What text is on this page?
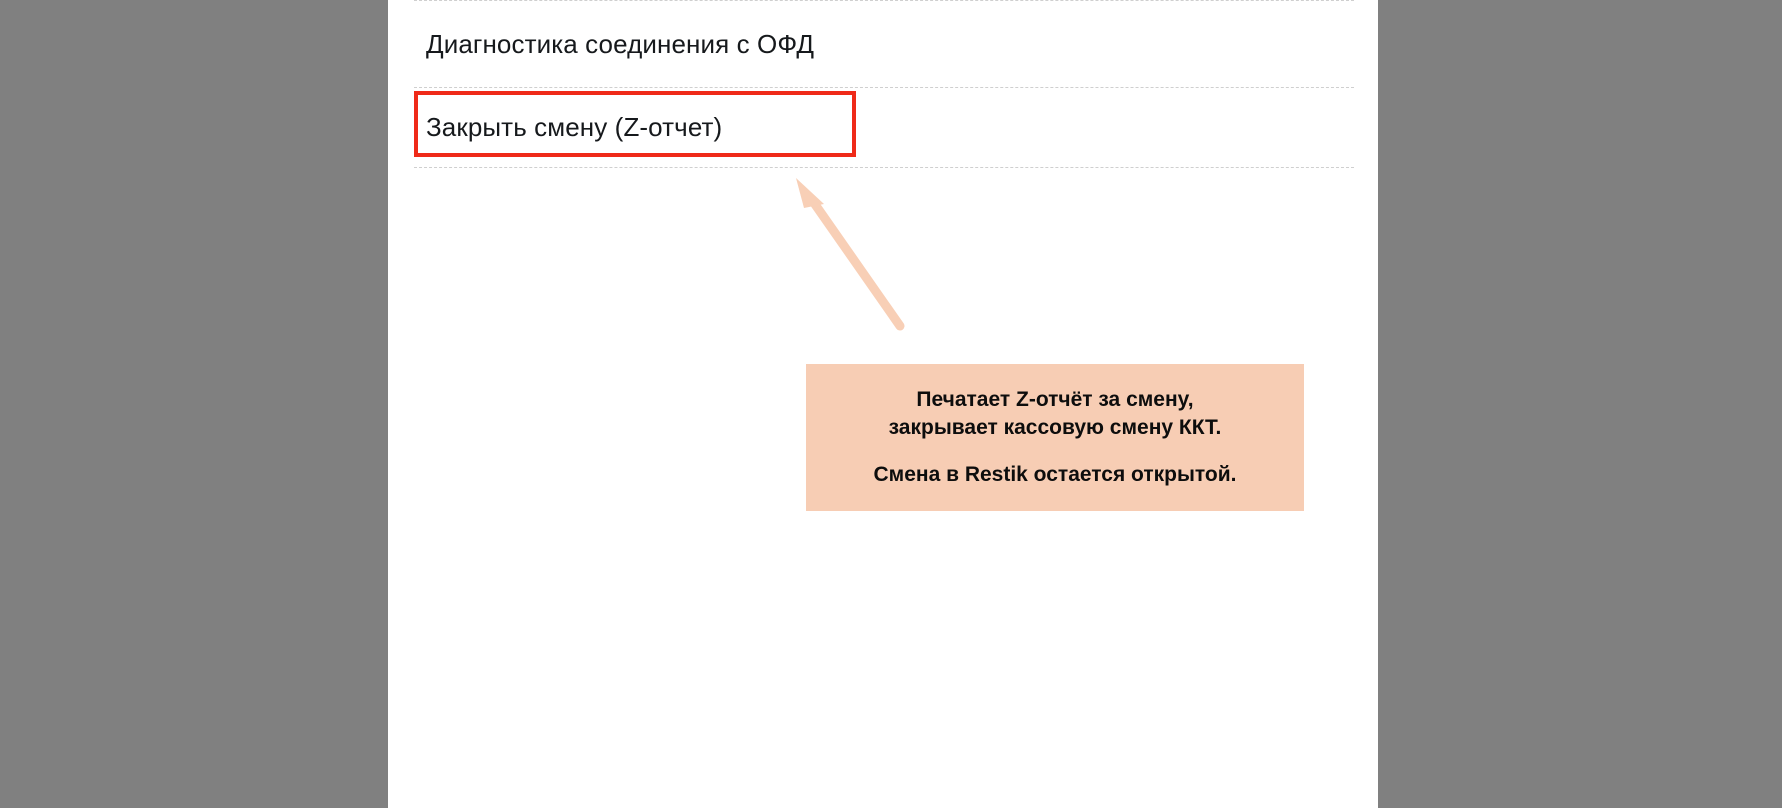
Диагностика соединения с ОФД
Закрыть смену (Z-отчет)
Печатает Z-отчёт за смену,
закрывает кассовую смену ККТ.
Смена в Restik остается открытой.
